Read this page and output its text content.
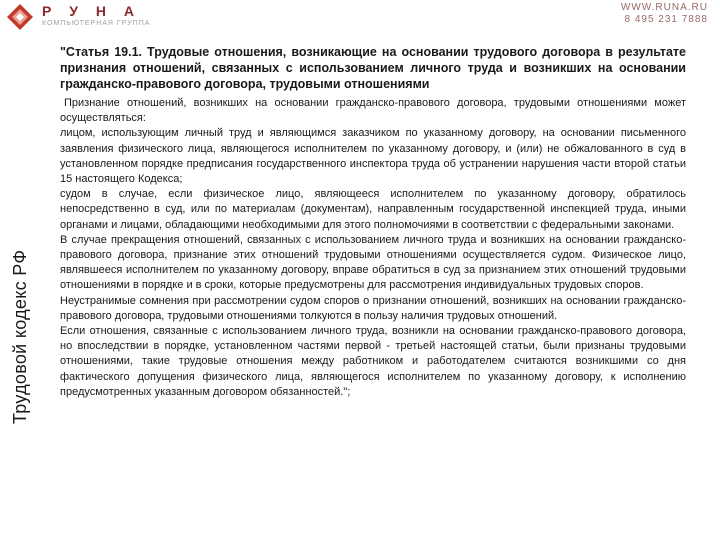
Р У Н А
КОМПЬЮТЕРНАЯ ГРУППА
WWW.RUNA.RU
8 495 231 7888
Трудовой кодекс РФ

"Статья 19.1. Трудовые отношения, возникающие на основании трудового договора в результате признания отношений, связанных с использованием личного труда и возникших на основании гражданско-правового договора, трудовыми отношениями

Признание отношений, возникших на основании гражданско-правового договора, трудовыми отношениями может осуществляться:

лицом, использующим личный труд и являющимся заказчиком по указанному договору, на основании письменного заявления физического лица, являющегося исполнителем по указанному договору, и (или) не обжалованного в суд в установленном порядке предписания государственного инспектора труда об устранении нарушения части второй статьи 15 настоящего Кодекса;

судом в случае, если физическое лицо, являющееся исполнителем по указанному договору, обратилось непосредственно в суд, или по материалам (документам), направленным государственной инспекцией труда, иными органами и лицами, обладающими необходимыми для этого полномочиями в соответствии с федеральными законами.

В случае прекращения отношений, связанных с использованием личного труда и возникших на основании гражданско-правового договора, признание этих отношений трудовыми отношениями осуществляется судом. Физическое лицо, являвшееся исполнителем по указанному договору, вправе обратиться в суд за признанием этих отношений трудовыми отношениями в порядке и в сроки, которые предусмотрены для рассмотрения индивидуальных трудовых споров.

Неустранимые сомнения при рассмотрении судом споров о признании отношений, возникших на основании гражданско-правового договора, трудовыми отношениями толкуются в пользу наличия трудовых отношений.

Если отношения, связанные с использованием личного труда, возникли на основании гражданско-правового договора, но впоследствии в порядке, установленном частями первой - третьей настоящей статьи, были признаны трудовыми отношениями, такие трудовые отношения между работником и работодателем считаются возникшими со дня фактического допущения физического лица, являющегося исполнителем по указанному договору, к исполнению предусмотренных указанным договором обязанностей.";
